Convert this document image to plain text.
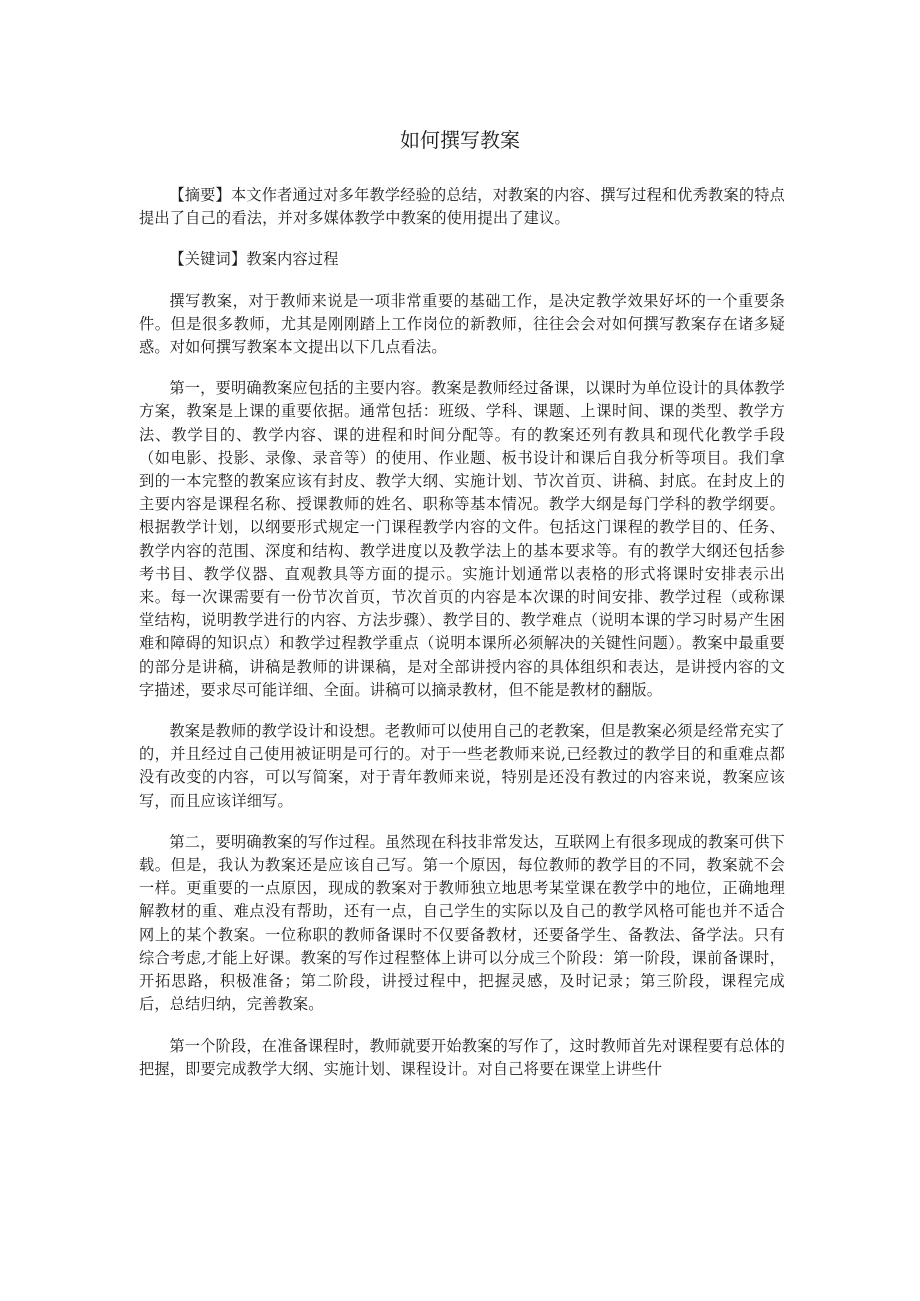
如何撰写教案

【摘要】本文作者通过对多年教学经验的总结，对教案的内容、撰写过程和优秀教案的特点提出了自己的看法，并对多媒体教学中教案的使用提出了建议。

【关键词】教案内容过程

撰写教案，对于教师来说是一项非常重要的基础工作，是决定教学效果好坏的一个重要条件。但是很多教师，尤其是刚刚踏上工作岗位的新教师，往往会会对如何撰写教案存在诸多疑惑。对如何撰写教案本文提出以下几点看法。

第一，要明确教案应包括的主要内容。教案是教师经过备课，以课时为单位设计的具体教学方案，教案是上课的重要依据。通常包括：班级、学科、课题、上课时间、课的类型、教学方法、教学目的、教学内容、课的进程和时间分配等。有的教案还列有教具和现代化教学手段（如电影、投影、录像、录音等）的使用、作业题、板书设计和课后自我分析等项目。我们拿到的一本完整的教案应该有封皮、教学大纲、实施计划、节次首页、讲稿、封底。在封皮上的主要内容是课程名称、授课教师的姓名、职称等基本情况。教学大纲是每门学科的教学纲要。根据教学计划，以纲要形式规定一门课程教学内容的文件。包括这门课程的教学目的、任务、教学内容的范围、深度和结构、教学进度以及教学法上的基本要求等。有的教学大纲还包括参考书目、教学仪器、直观教具等方面的提示。实施计划通常以表格的形式将课时安排表示出来。每一次课需要有一份节次首页，节次首页的内容是本次课的时间安排、教学过程（或称课堂结构，说明教学进行的内容、方法步骤）、教学目的、教学难点（说明本课的学习时易产生困难和障碍的知识点）和教学过程教学重点（说明本课所必须解决的关键性问题）。教案中最重要的部分是讲稿，讲稿是教师的讲课稿，是对全部讲授内容的具体组织和表达，是讲授内容的文字描述，要求尽可能详细、全面。讲稿可以摘录教材，但不能是教材的翻版。

教案是教师的教学设计和设想。老教师可以使用自己的老教案，但是教案必须是经常充实了的，并且经过自己使用被证明是可行的。对于一些老教师来说,已经教过的教学目的和重难点都没有改变的内容，可以写简案，对于青年教师来说，特别是还没有教过的内容来说，教案应该写，而且应该详细写。

第二，要明确教案的写作过程。虽然现在科技非常发达，互联网上有很多现成的教案可供下载。但是，我认为教案还是应该自己写。第一个原因，每位教师的教学目的不同，教案就不会一样。更重要的一点原因，现成的教案对于教师独立地思考某堂课在教学中的地位，正确地理解教材的重、难点没有帮助，还有一点，自己学生的实际以及自己的教学风格可能也并不适合网上的某个教案。一位称职的教师备课时不仅要备教材，还要备学生、备教法、备学法。只有综合考虑,才能上好课。教案的写作过程整体上讲可以分成三个阶段：第一阶段，课前备课时，开拓思路，积极准备；第二阶段，讲授过程中，把握灵感，及时记录；第三阶段，课程完成后，总结归纳，完善教案。

第一个阶段，在准备课程时，教师就要开始教案的写作了，这时教师首先对课程要有总体的把握，即要完成教学大纲、实施计划、课程设计。对自己将要在课堂上讲些什
